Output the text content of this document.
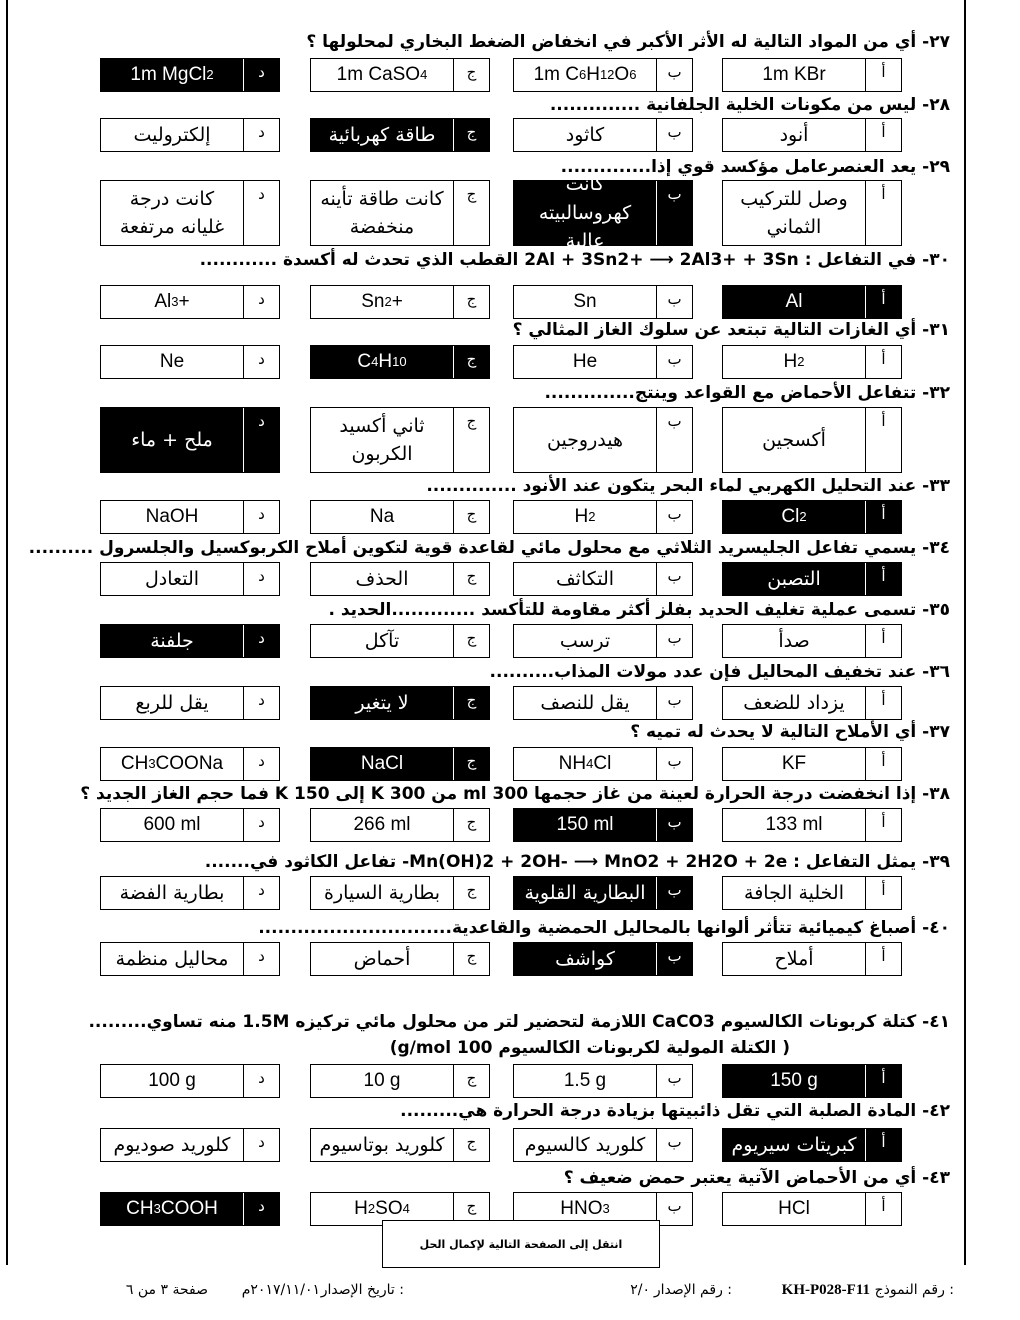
٢٧- أي من المواد التالية له الأثر الأكبر في انخفاض الضغط البخاري لمحلولها ؟
أ
1m KBr
ب
1m C 6 H 1 2 O 6
ج
1m CaSO 4
د
1m MgCl 2
٢٨- ليس من مكونات الخلية الجلفانية ..............
أ
أنود
ب
كاثود
ج
طاقة كهربائية
د
إلكتروليت
٢٩- يعد العنصرعامل مؤكسد قوي إذا..............
أ
وصل للتركيب الثماني
ب
كانت كهروسالبيته عالية
ج
كانت طاقة تأينه منخفضة
د
كانت درجة غليانه مرتفعة
٣٠- في التفاعل : 2Al + 3Sn2+ ⟶ 2Al3+ + 3Sn القطب الذي تحدث له أكسدة ............
أ
Al
ب
Sn
ج
Sn 2 +
د
Al 3 +
٣١- أي الغازات التالية تبتعد عن سلوك الغاز المثالي ؟
أ
H 2
ب
He
ج
C 4 H 1 0
د
Ne
٣٢- تتفاعل الأحماض مع القواعد وينتج..............
أ
أكسجين
ب
هيدروجين
ج
ثاني أكسيد الكربون
د
ملح + ماء
٣٣- عند التحليل الكهربي لماء البحر يتكون عند الأنود ..............
أ
Cl 2
ب
H 2
ج
Na
د
NaOH
٣٤- يسمي تفاعل الجليسريد الثلاثي مع محلول مائي لقاعدة قوية لتكوين أملاح الكربوكسيل والجلسرول ..........
أ
التصبن
ب
التكاثف
ج
الحذف
د
التعادل
٣٥- تسمى عملية تغليف الحديد بفلز أكثر مقاومة للتأكسد .............الحديد .
أ
صدأ
ب
ترسب
ج
تآكل
د
جلفنة
٣٦- عند تخفيف المحاليل فإن عدد مولات المذاب..........
أ
يزداد للضعف
ب
يقل للنصف
ج
لا يتغير
د
يقل للربع
٣٧- أي الأملاح التالية لا يحدث له تميه ؟
أ
KF
ب
NH 4 Cl
ج
NaCl
د
CH 3 COONa
٣٨- إذا انخفضت درجة الحرارة لعينة من غاز حجمها 300 ml من 300 K إلى 150 K فما حجم الغاز الجديد ؟
أ
133 ml
ب
150 ml
ج
266 ml
د
600 ml
٣٩- يمثل التفاعل : Mn(OH)2 + 2OH- ⟶ MnO2 + 2H2O + 2e- تفاعل الكاثود في.......
أ
الخلية الجافة
ب
البطارية القلوية
ج
بطارية السيارة
د
بطارية الفضة
٤٠- أصباغ كيميائية تتأثر ألوانها بالمحاليل الحمضية والقاعدية..............................
أ
أملاح
ب
كواشف
ج
أحماض
د
محاليل منظمة
٤١- كتلة كربونات الكالسيوم CaCO3 اللازمة لتحضير لتر من محلول مائي تركيزه 1.5M منه تساوي.........
( الكتلة المولية لكربونات الكالسيوم 100 g/mol)
أ
150 g
ب
1.5 g
ج
10 g
د
100 g
٤٢- المادة الصلبة التي تقل ذائبيتها بزيادة درجة الحرارة هي.........
أ
كبريتات سيريوم
ب
كلوريد كالسيوم
ج
كلوريد بوتاسيوم
د
كلوريد صوديوم
٤٣- أي من الأحماض الآتية يعتبر حمض ضعيف ؟
أ
HCl
ب
HNO 3
ج
H 2 SO 4
د
CH 3 COOH
انتقل إلى الصفحة التالية لإكمال الحل
رقم النموذج :
KH-P028-F11
رقم الإصدار :
٢/٠
تاريخ الإصدار :
٢٠١٧/١١/٠١م
صفحة ٣ من ٦
